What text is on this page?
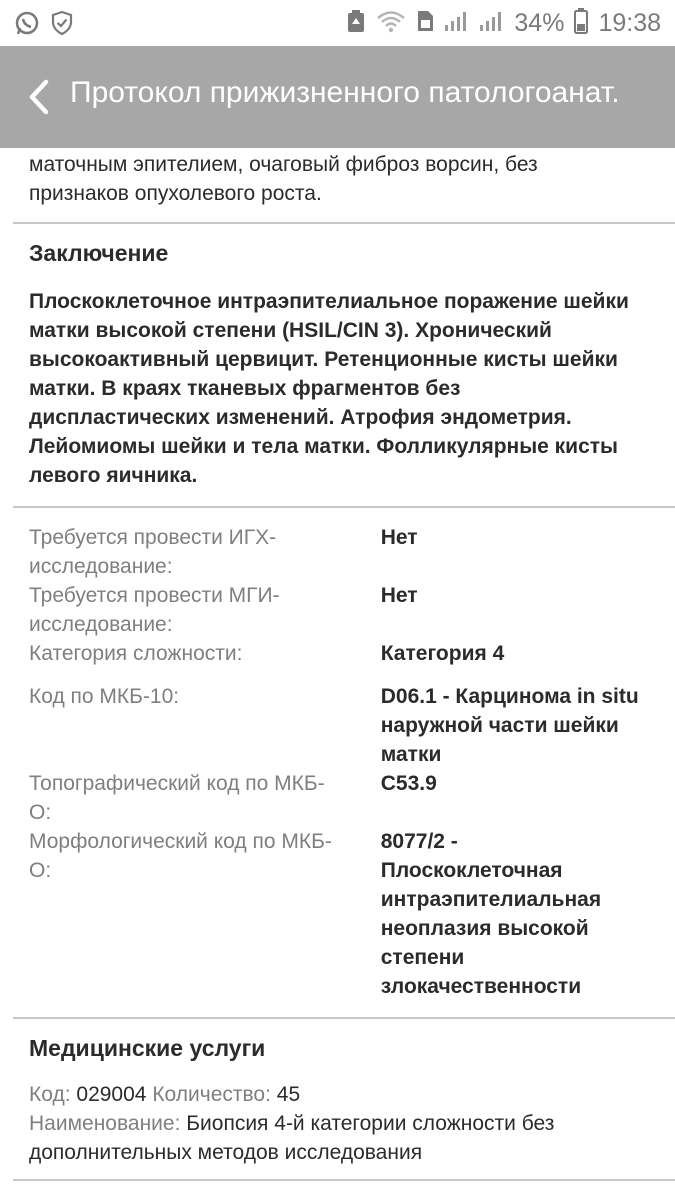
34% 19:38
Протокол прижизненного патологоанат.
маточным эпителием, очаговый фиброз ворсин, без
признаков опухолевого роста.
Заключение
Плоскоклеточное интраэпителиальное поражение шейки
матки высокой степени (HSIL/CIN 3). Хронический
высокоактивный цервицит. Ретенционные кисты шейки
матки. В краях тканевых фрагментов без
диспластических изменений. Атрофия эндометрия.
Лейомиомы шейки и тела матки. Фолликулярные кисты
левого яичника.
Требуется провести ИГХ-
исследование:
Нет
Требуется провести МГИ-
исследование:
Нет
Категория сложности:	Категория 4
Код по МКБ-10:	D06.1 - Карцинома in situ
наружной части шейки
матки
Топографический код по МКБ-
О:
C53.9
Морфологический код по МКБ-
О:
8077/2 -
Плоскоклеточная
интраэпителиальная
неоплазия высокой
степени
злокачественности
Медицинские услуги
Код: 029004 Количество: 45
Наименование: Биопсия 4-й категории сложности без
дополнительных методов исследования
